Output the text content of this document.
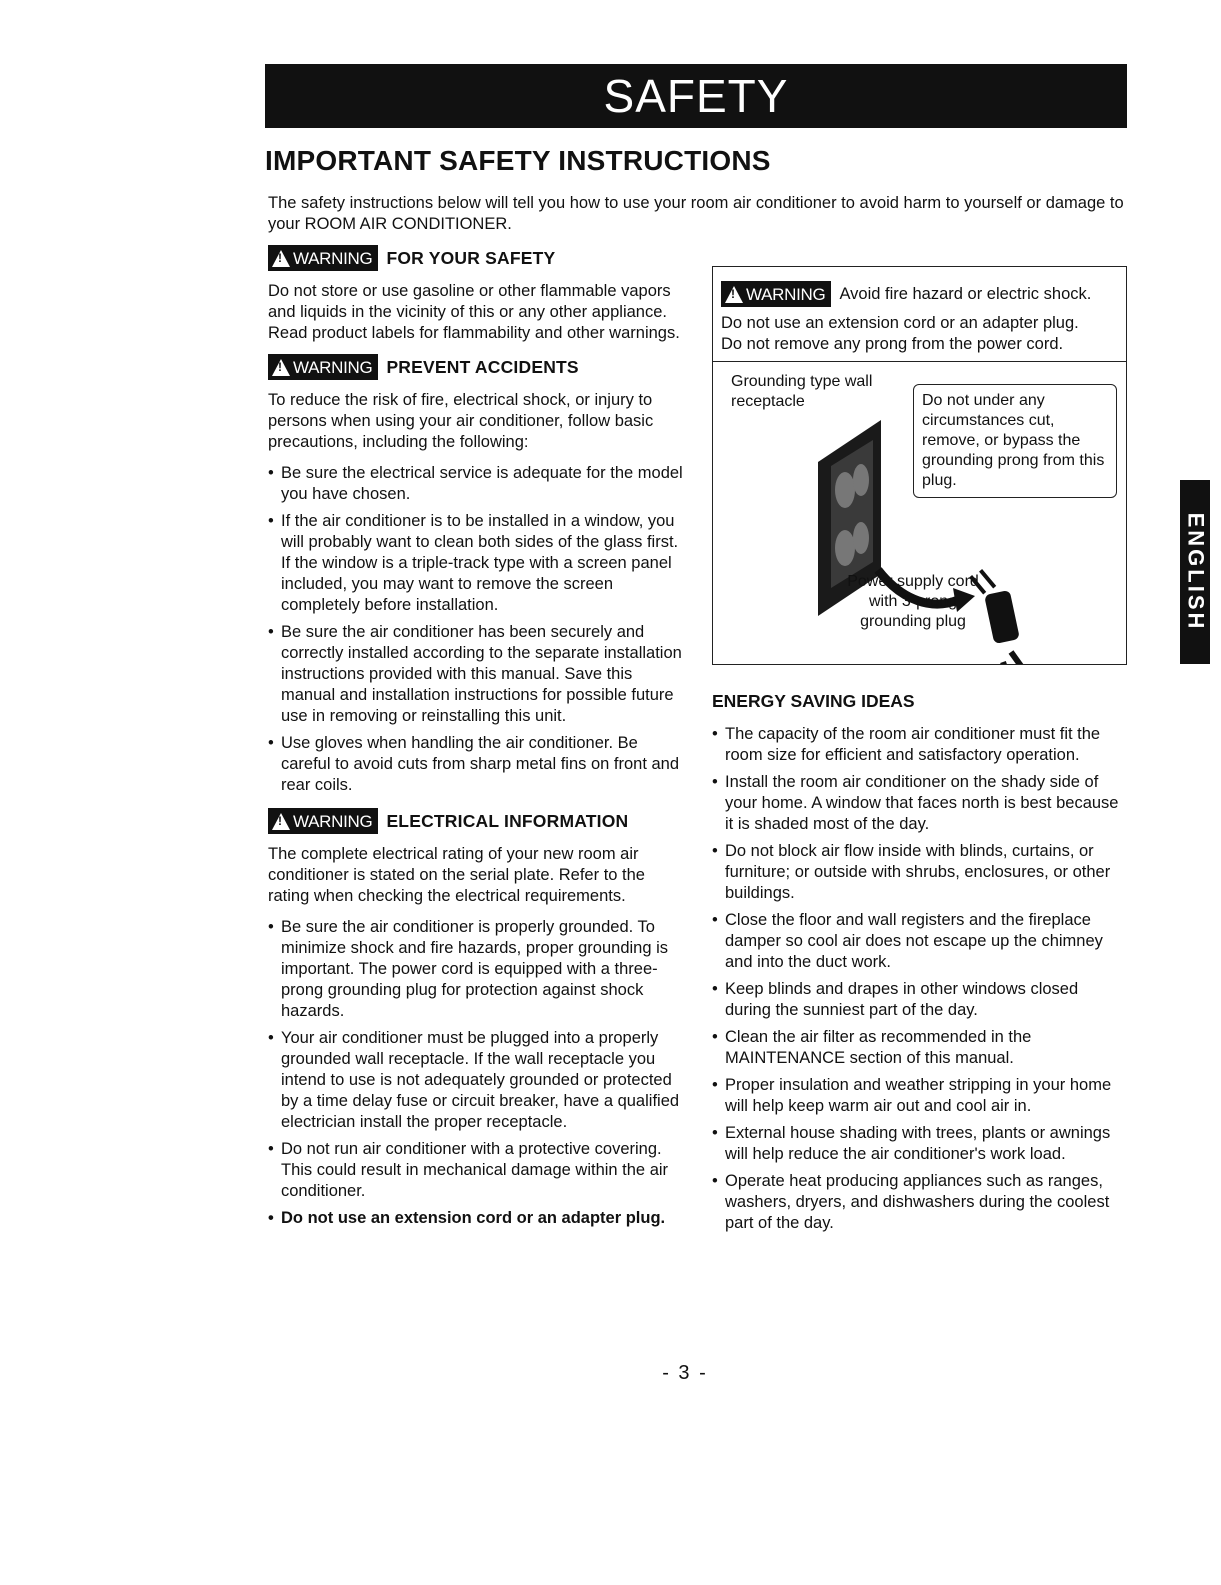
SAFETY
IMPORTANT SAFETY INSTRUCTIONS

The safety instructions below will tell you how to use your room air conditioner to avoid harm to yourself or damage to your ROOM AIR CONDITIONER.

!
WARNING FOR YOUR SAFETY

Do not store or use gasoline or other flammable vapors and liquids in the vicinity of this or any other appliance. Read product labels for flammability and other warnings.

!
WARNING PREVENT ACCIDENTS

To reduce the risk of fire, electrical shock, or injury to persons when using your air conditioner, follow basic precautions, including the following:

• Be sure the electrical service is adequate for the model you have chosen.
• If the air conditioner is to be installed in a window, you will probably want to clean both sides of the glass first. If the window is a triple-track type with a screen panel included, you may want to remove the screen completely before installation.
• Be sure the air conditioner has been securely and correctly installed according to the separate installation instructions provided with this manual. Save this manual and installation instructions for possible future use in removing or reinstalling this unit.
• Use gloves when handling the air conditioner. Be careful to avoid cuts from sharp metal fins on front and rear coils.
!
WARNING ELECTRICAL INFORMATION

The complete electrical rating of your new room air conditioner is stated on the serial plate. Refer to the rating when checking the electrical requirements.

• Be sure the air conditioner is properly grounded. To minimize shock and fire hazards, proper grounding is important. The power cord is equipped with a three-prong grounding plug for protection against shock hazards.
• Your air conditioner must be plugged into a properly grounded wall receptacle. If the wall receptacle you intend to use is not adequately grounded or protected by a time delay fuse or circuit breaker, have a qualified electrician install the proper receptacle.
• Do not run air conditioner with a protective covering. This could result in mechanical damage within the air conditioner.
• Do not use an extension cord or an adapter plug.
!
WARNING Avoid fire hazard or electric shock.
Do not use an extension cord or an adapter plug.
Do not remove any prong from the power cord.
Grounding type wall receptacle	Do not under any circumstances cut, remove, or bypass the grounding prong from this plug.
Power supply cord
with 3-prong
grounding plug
ENERGY SAVING IDEAS
• The capacity of the room air conditioner must fit the room size for efficient and satisfactory operation.
• Install the room air conditioner on the shady side of your home. A window that faces north is best because it is shaded most of the day.
• Do not block air flow inside with blinds, curtains, or furniture; or outside with shrubs, enclosures, or other buildings.
• Close the floor and wall registers and the fireplace damper so cool air does not escape up the chimney and into the duct work.
• Keep blinds and drapes in other windows closed during the sunniest part of the day.
• Clean the air filter as recommended in the MAINTENANCE section of this manual.
• Proper insulation and weather stripping in your home will help keep warm air out and cool air in.
• External house shading with trees, plants or awnings will help reduce the air conditioner's work load.
• Operate heat producing appliances such as ranges, washers, dryers, and dishwashers during the coolest part of the day.
- 3 -
ENGLISH
